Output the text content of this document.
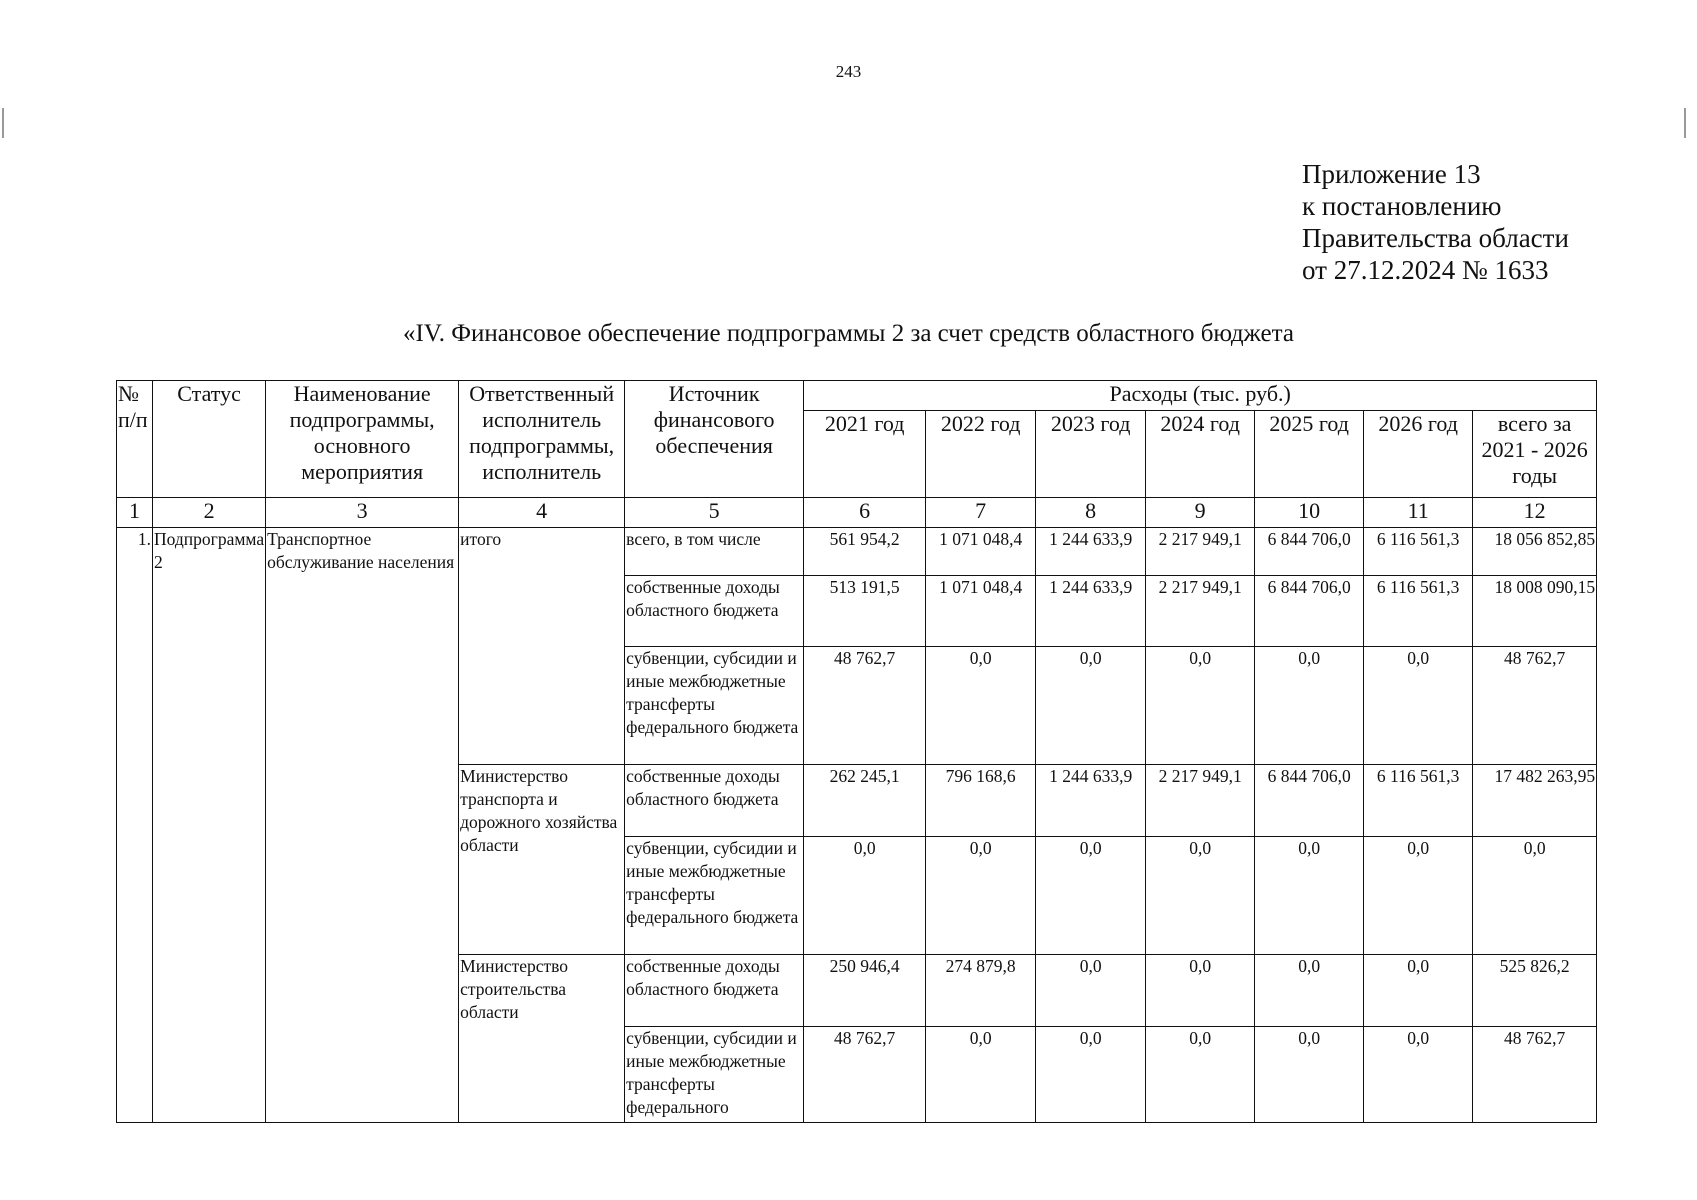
243
Приложение 13
к постановлению
Правительства области
от 27.12.2024 № 1633
«IV. Финансовое обеспечение подпрограммы 2 за счет средств областного бюджета
№ п/п	Статус	Наименование подпрограммы, основного мероприятия	Ответственный исполнитель подпрограммы, исполнитель	Источник финансового обеспечения	Расходы (тыс. руб.)						
					2021 год	2022 год	2023 год	2024 год	2025 год	2026 год	всего за 2021 - 2026 годы
1	2	3	4	5	6	7	8	9	10	11	12
1.	Подпрограмма 2	Транспортное обслуживание населения	итого	всего, в том числе	561 954,2	1 071 048,4	1 244 633,9	2 217 949,1	6 844 706,0	6 116 561,3	18 056 852,85
				собственные доходы областного бюджета	513 191,5	1 071 048,4	1 244 633,9	2 217 949,1	6 844 706,0	6 116 561,3	18 008 090,15
				субвенции, субсидии и иные межбюджетные трансферты федерального бюджета	48 762,7	0,0	0,0	0,0	0,0	0,0	48 762,7
			Министерство транспорта и дорожного хозяйства области	собственные доходы областного бюджета	262 245,1	796 168,6	1 244 633,9	2 217 949,1	6 844 706,0	6 116 561,3	17 482 263,95
				субвенции, субсидии и иные межбюджетные трансферты федерального бюджета	0,0	0,0	0,0	0,0	0,0	0,0	0,0
			Министерство строительства области	собственные доходы областного бюджета	250 946,4	274 879,8	0,0	0,0	0,0	0,0	525 826,2
				субвенции, субсидии и иные межбюджетные трансферты федерального	48 762,7	0,0	0,0	0,0	0,0	0,0	48 762,7
